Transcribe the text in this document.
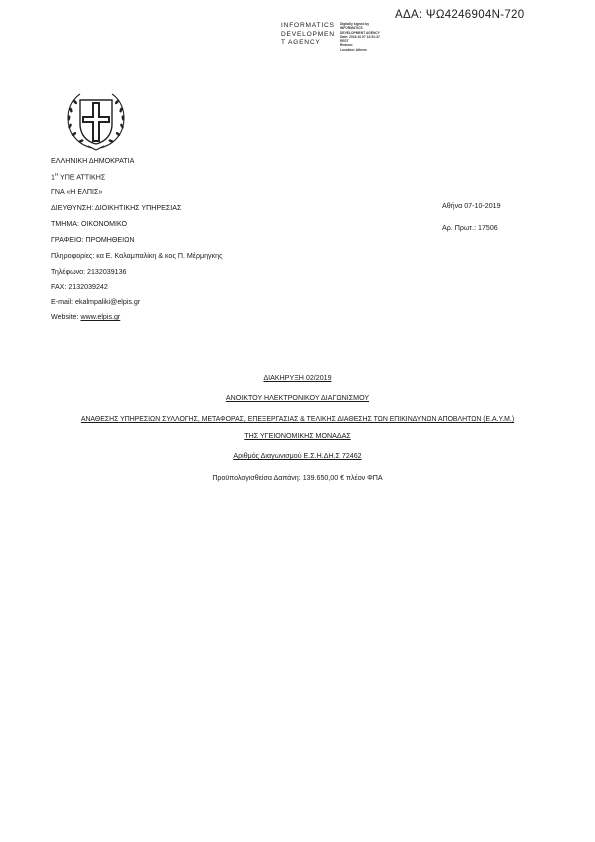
ΑΔΑ: ΨΩ4246904Ν-720
INFORMATICS
DEVELOPMEN
T AGENCY
Digitally signed by
INFORMATICS
DEVELOPMENT AGENCY
Date: 2019.10.07 13:51:37
EEST
Reason:
Location: Athens
ΕΛΛΗΝΙΚΗ ΔΗΜΟΚΡΑΤΙΑ
$1^H$ ΥΠΕ ΑΤΤΙΚΗΣ
ΓΝΑ «Η ΕΛΠΙΣ»
ΔΙΕΥΘΥΝΣΗ: ΔΙΟΙΚΗΤΙΚΗΣ ΥΠΗΡΕΣΙΑΣ
ΤΜΗΜΑ: ΟΙΚΟΝΟΜΙΚΟ
ΓΡΑΦΕΙΟ: ΠΡΟΜΗΘΕΙΩΝ
Πληροφορίες: κα Ε. Καλαμπαλίκη & κος Π. Μέρμηγκης
Τηλέφωνο: 2132039136
FAX: 2132039242
E-mail: ekalmpaliki@elpis.gr
Website: www.elpis.gr
Αθήνα 07-10-2019
Αρ. Πρωτ.: 17506
ΔΙΑΚΗΡΥΞΗ 02/2019
ΑΝΟΙΚΤΟΥ ΗΛΕΚΤΡΟΝΙΚΟΥ ΔΙΑΓΩΝΙΣΜΟΥ
ΑΝΑΘΕΣΗΣ ΥΠΗΡΕΣΙΩΝ ΣΥΛΛΟΓΗΣ, ΜΕΤΑΦΟΡΑΣ, ΕΠΕΞΕΡΓΑΣΙΑΣ & ΤΕΛΙΚΗΣ ΔΙΑΘΕΣΗΣ ΤΩΝ ΕΠΙΚΙΝΔΥΝΩΝ ΑΠΟΒΛΗΤΩΝ (Ε.Α.Υ.Μ.)
ΤΗΣ ΥΓΕΙΟΝΟΜΙΚΗΣ ΜΟΝΑΔΑΣ
Αριθμός Διαγωνισμού Ε.Σ.Η.ΔΗ.Σ 72462
Προϋπολογισθείσα Δαπάνη: 139.650,00 € πλέον ΦΠΑ
